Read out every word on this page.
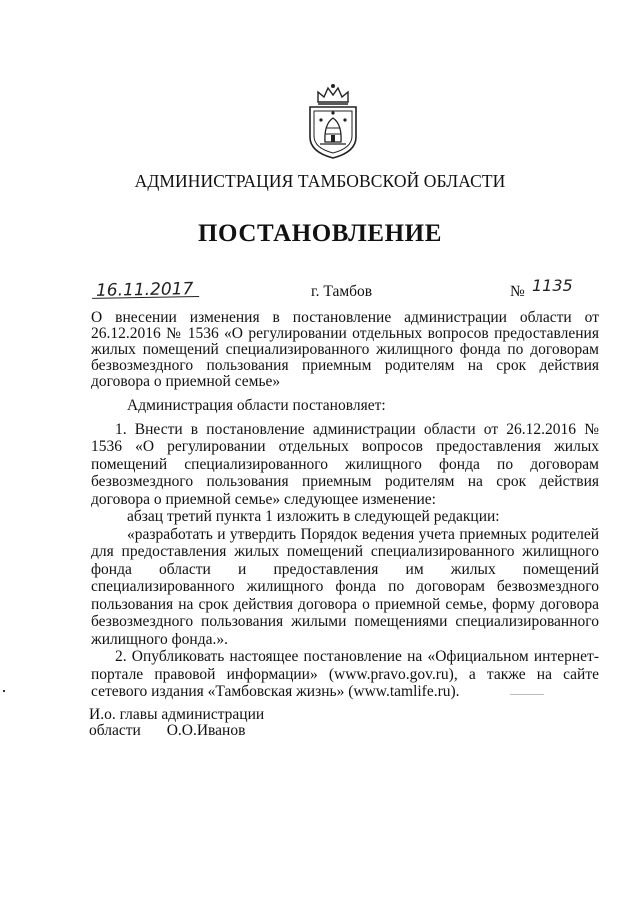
АДМИНИСТРАЦИЯ ТАМБОВСКОЙ ОБЛАСТИ
ПОСТАНОВЛЕНИЕ
16.11.2017	г. Тамбов	№ 1135
О внесении изменения в постановление администрации области от 26.12.2016 № 1536 «О регулировании отдельных вопросов предоставления жилых помещений специализированного жилищного фонда по договорам безвозмездного пользования приемным родителям на срок действия договора о приемной семье»

Администрация области постановляет:

1. Внести в постановление администрации области от 26.12.2016 № 1536 «О регулировании отдельных вопросов предоставления жилых помещений специализированного жилищного фонда по договорам безвозмездного пользования приемным родителям на срок действия договора о приемной семье» следующее изменение:

абзац третий пункта 1 изложить в следующей редакции:

«разработать и утвердить Порядок ведения учета приемных родителей для предоставления жилых помещений специализированного жилищного фонда области и предоставления им жилых помещений специализированного жилищного фонда по договорам безвозмездного пользования на срок действия договора о приемной семье, форму договора безвозмездного пользования жилыми помещениями специализированного жилищного фонда.».

2. Опубликовать настоящее постановление на «Официальном интернет-портале правовой информации» (www.pravo.gov.ru), а также на сайте сетевого издания «Тамбовская жизнь» (www.tamlife.ru).

И.о. главы администрации
области О.О.Иванов
